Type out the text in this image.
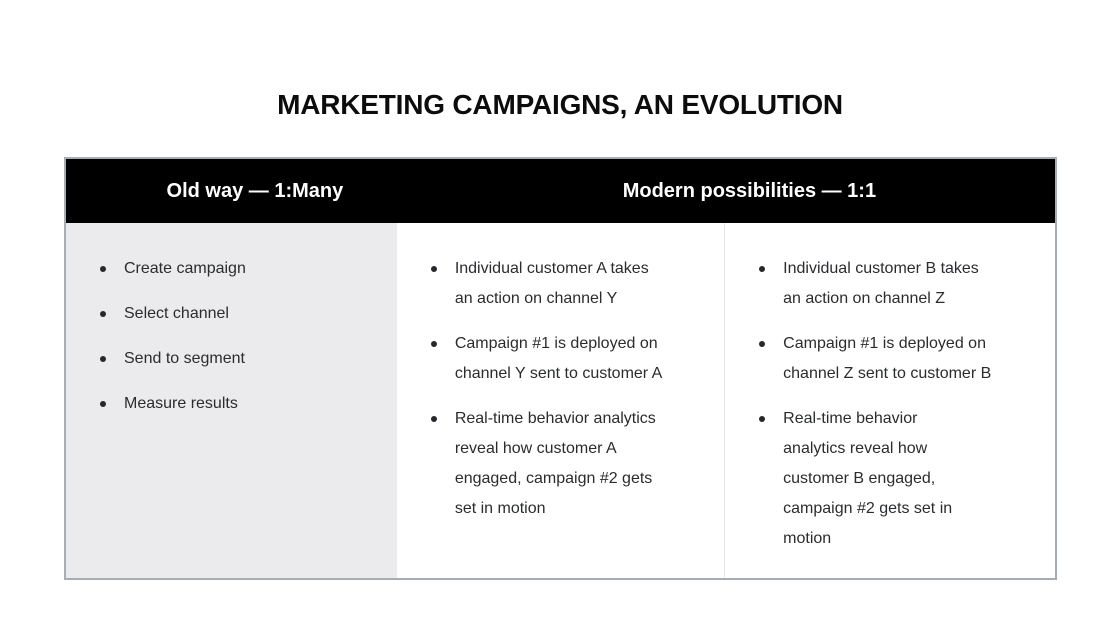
MARKETING CAMPAIGNS, AN EVOLUTION
Old way — 1:Many	Modern possibilities — 1:1
Create campaign
Select channel
Send to segment
Measure results
Individual customer A takes
an action on channel Y
Campaign #1 is deployed on
channel Y sent to customer A
Real-time behavior analytics
reveal how customer A
engaged, campaign #2 gets
set in motion
Individual customer B takes
an action on channel Z
Campaign #1 is deployed on
channel Z sent to customer B
Real-time behavior
analytics reveal how
customer B engaged,
campaign #2 gets set in
motion
